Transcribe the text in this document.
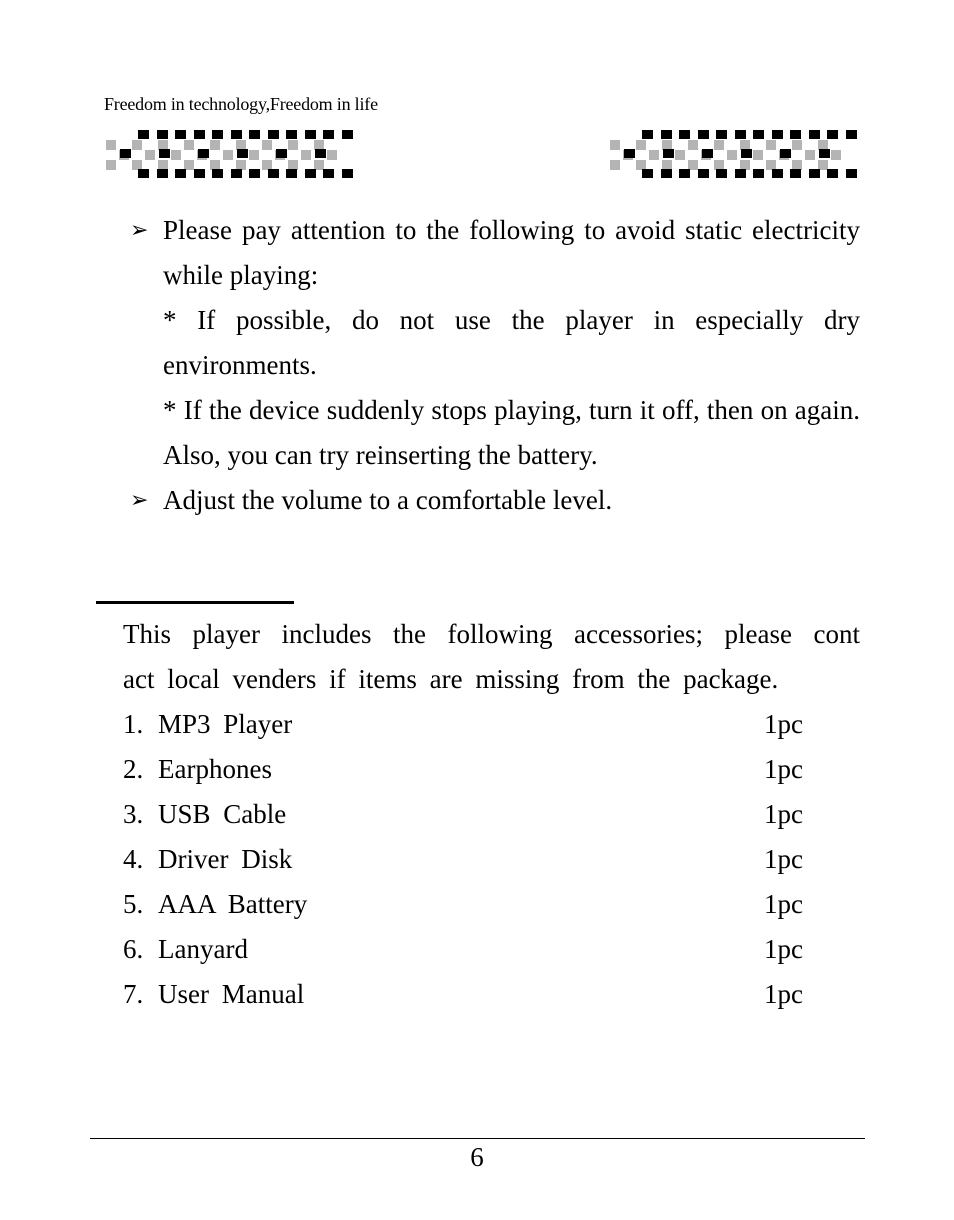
Freedom in technology,Freedom in life
➢ Please pay attention to the following to avoid static electricity while playing:
* If possible, do not use the player in especially dry environments.
* If the device suddenly stops playing, turn it off, then on again. Also, you can try reinserting the battery.
➢ Adjust the volume to a comfortable level.
This player includes the following accessories; please cont
act local venders if items are missing from the package.
1. MP3 Player	1pc
2. Earphones	1pc
3. USB Cable	1pc
4. Driver Disk	1pc
5. AAA Battery	1pc
6. Lanyard	1pc
7. User Manual	1pc
6
